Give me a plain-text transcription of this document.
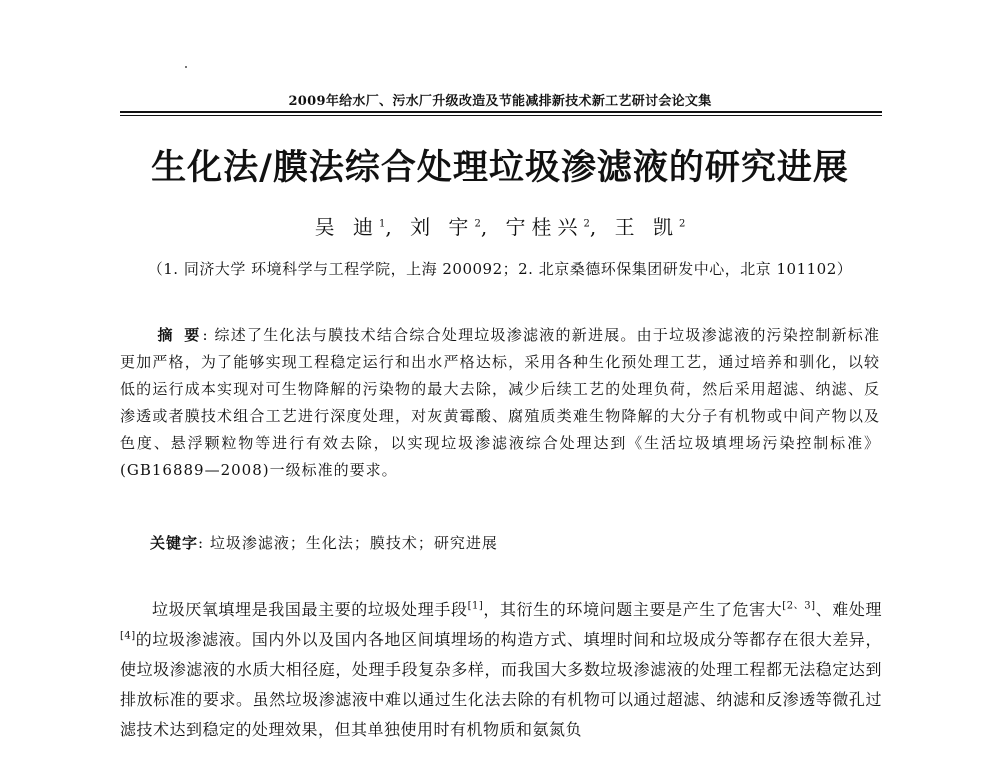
2009年给水厂、污水厂升级改造及节能减排新技术新工艺研讨会论文集
生化法/膜法综合处理垃圾渗滤液的研究进展
吴 迪$^1$, 刘 宇$^2$, 宁桂兴$^2$, 王 凯$^2$
（1. 同济大学 环境科学与工程学院，上海 200092；2. 北京桑德环保集团研发中心，北京 101102）

摘 要: 综述了生化法与膜技术结合综合处理垃圾渗滤液的新进展。由于垃圾渗滤液的污染控制新标准更加严格，为了能够实现工程稳定运行和出水严格达标，采用各种生化预处理工艺，通过培养和驯化，以较低的运行成本实现对可生物降解的污染物的最大去除，减少后续工艺的处理负荷，然后采用超滤、纳滤、反渗透或者膜技术组合工艺进行深度处理，对灰黄霉酸、腐殖质类难生物降解的大分子有机物或中间产物以及色度、悬浮颗粒物等进行有效去除，以实现垃圾渗滤液综合处理达到《生活垃圾填埋场污染控制标准》(GB16889—2008)一级标准的要求。

关键字: 垃圾渗滤液；生化法；膜技术；研究进展

垃圾厌氧填埋是我国最主要的垃圾处理手段[1]，其衍生的环境问题主要是产生了危害大[2、3]、难处理[4]的垃圾渗滤液。国内外以及国内各地区间填埋场的构造方式、填埋时间和垃圾成分等都存在很大差异，使垃圾渗滤液的水质大相径庭，处理手段复杂多样，而我国大多数垃圾渗滤液的处理工程都无法稳定达到排放标准的要求。虽然垃圾渗滤液中难以通过生化法去除的有机物可以通过超滤、纳滤和反渗透等微孔过滤技术达到稳定的处理效果，但其单独使用时有机物质和氨氮负
